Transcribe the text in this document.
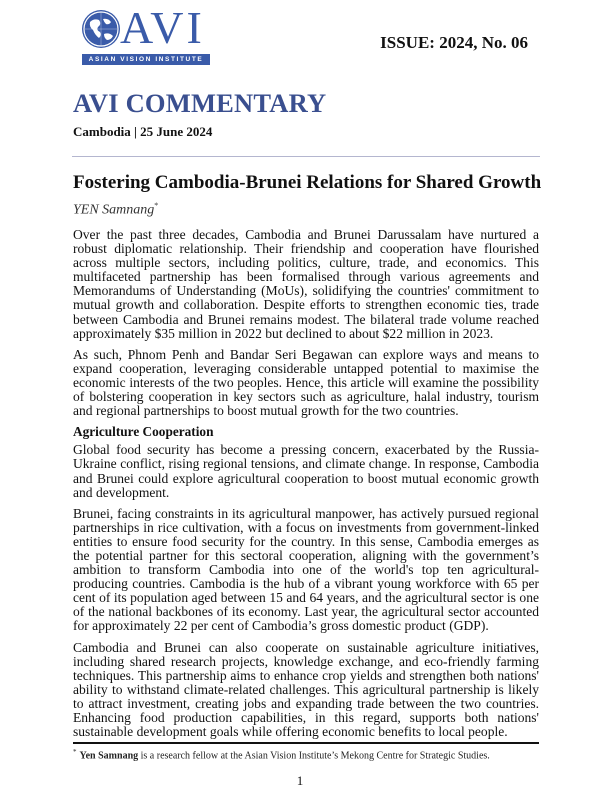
AVI
ASIAN VISION INSTITUTE
ISSUE: 2024, No. 06
AVI COMMENTARY
Cambodia | 25 June 2024
Fostering Cambodia-Brunei Relations for Shared Growth
YEN Samnang*

Over the past three decades, Cambodia and Brunei Darussalam have nurtured a robust diplomatic relationship. Their friendship and cooperation have flourished across multiple sectors, including politics, culture, trade, and economics. This multifaceted partnership has been formalised through various agreements and Memorandums of Understanding (MoUs), solidifying the countries' commitment to mutual growth and collaboration. Despite efforts to strengthen economic ties, trade between Cambodia and Brunei remains modest. The bilateral trade volume reached approximately $35 million in 2022 but declined to about $22 million in 2023.

As such, Phnom Penh and Bandar Seri Begawan can explore ways and means to expand cooperation, leveraging considerable untapped potential to maximise the economic interests of the two peoples. Hence, this article will examine the possibility of bolstering cooperation in key sectors such as agriculture, halal industry, tourism and regional partnerships to boost mutual growth for the two countries.

Agriculture Cooperation

Global food security has become a pressing concern, exacerbated by the Russia-Ukraine conflict, rising regional tensions, and climate change. In response, Cambodia and Brunei could explore agricultural cooperation to boost mutual economic growth and development.

Brunei, facing constraints in its agricultural manpower, has actively pursued regional partnerships in rice cultivation, with a focus on investments from government-linked entities to ensure food security for the country. In this sense, Cambodia emerges as the potential partner for this sectoral cooperation, aligning with the government’s ambition to transform Cambodia into one of the world's top ten agricultural-producing countries. Cambodia is the hub of a vibrant young workforce with 65 per cent of its population aged between 15 and 64 years, and the agricultural sector is one of the national backbones of its economy. Last year, the agricultural sector accounted for approximately 22 per cent of Cambodia’s gross domestic product (GDP).

Cambodia and Brunei can also cooperate on sustainable agriculture initiatives, including shared research projects, knowledge exchange, and eco-friendly farming techniques. This partnership aims to enhance crop yields and strengthen both nations' ability to withstand climate-related challenges. This agricultural partnership is likely to attract investment, creating jobs and expanding trade between the two countries. Enhancing food production capabilities, in this regard, supports both nations' sustainable development goals while offering economic benefits to local people.

* Yen Samnang is a research fellow at the Asian Vision Institute’s Mekong Centre for Strategic Studies.
1
